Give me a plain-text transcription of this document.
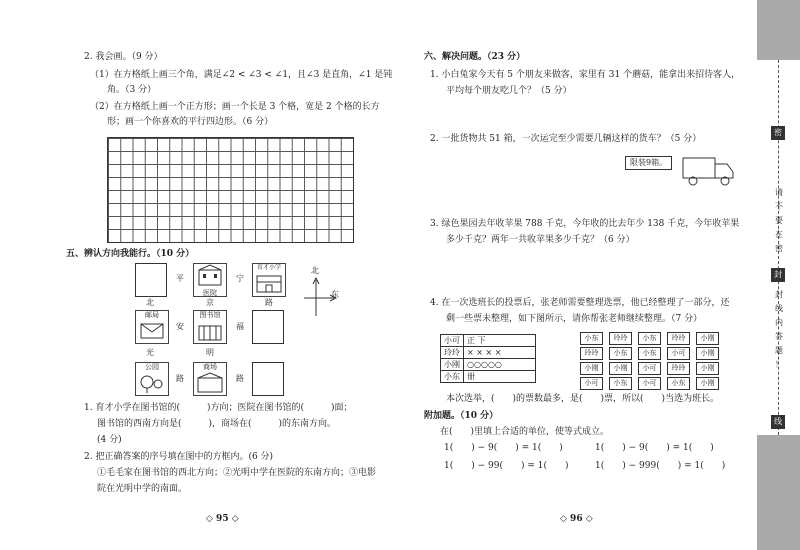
2. 我会画。（9 分）
（1）在方格纸上画三个角，满足∠2 < ∠3 < ∠1，且∠3 是直角，∠1 是钝
角。（3 分）
（2）在方格纸上画一个正方形；画一个长是 3 个格，宽是 2 个格的长方
形；画一个你喜欢的平行四边形。（6 分）
五、辨认方向我能行。（10 分）
医院
育才小学
平	宁
北	京	路
邮局	图书馆
安	福
光	明
公园	商场
路	路
北
东
1. 育才小学在图书馆的(　　　)方向；医院在图书馆的(　　　)面；
图书馆的西南方向是(　　　)，商场在(　　　)的东南方向。
(4 分)
2. 把正确答案的序号填在图中的方框内。(6 分)
①毛毛家在图书馆的西北方向；②光明中学在医院的东南方向；③电影
院在光明中学的南面。
◇ 95 ◇
六、解决问题。（23 分）
1. 小白兔家今天有 5 个朋友来做客，家里有 31 个蘑菇，能拿出来招待客人，
平均每个朋友吃几个？（5 分）
2. 一批货物共 51 箱，一次运完至少需要几辆这样的货车？（5 分）
限装9箱。
3. 绿色果园去年收苹果 788 千克，今年收的比去年少 138 千克，今年收苹果
多少千克？两年一共收苹果多少千克？（6 分）
4. 在一次选班长的投票后，张老师需要整理选票，他已经整理了一部分，还
剩一些票未整理，如下图所示，请你帮张老师继续整理。（7 分）
小可	正 下
玲玲	× × × ×
小刚	○○○○○
小东	卌
小东	玲玲	小东	玲玲	小刚
玲玲	小东	小东	小可	小刚
小刚	小刚	小可	玲玲	小刚
小可	小东	小可	小东	小刚
本次选举，(　　)的票数最多，是(　　)票，所以(　　)当选为班长。
附加题。（10 分）
在(　　)里填上合适的单位，使等式成立。
1(　　) − 9(　　) = 1(　　)	1(　　) − 9(　　) = 1(　　)
1(　　) − 99(　　) = 1(　　)	1(　　) − 999(　　) = 1(　　)
◇ 96 ◇
密
请
不
要
在
密
封
封
线
内
答
题
！
线
